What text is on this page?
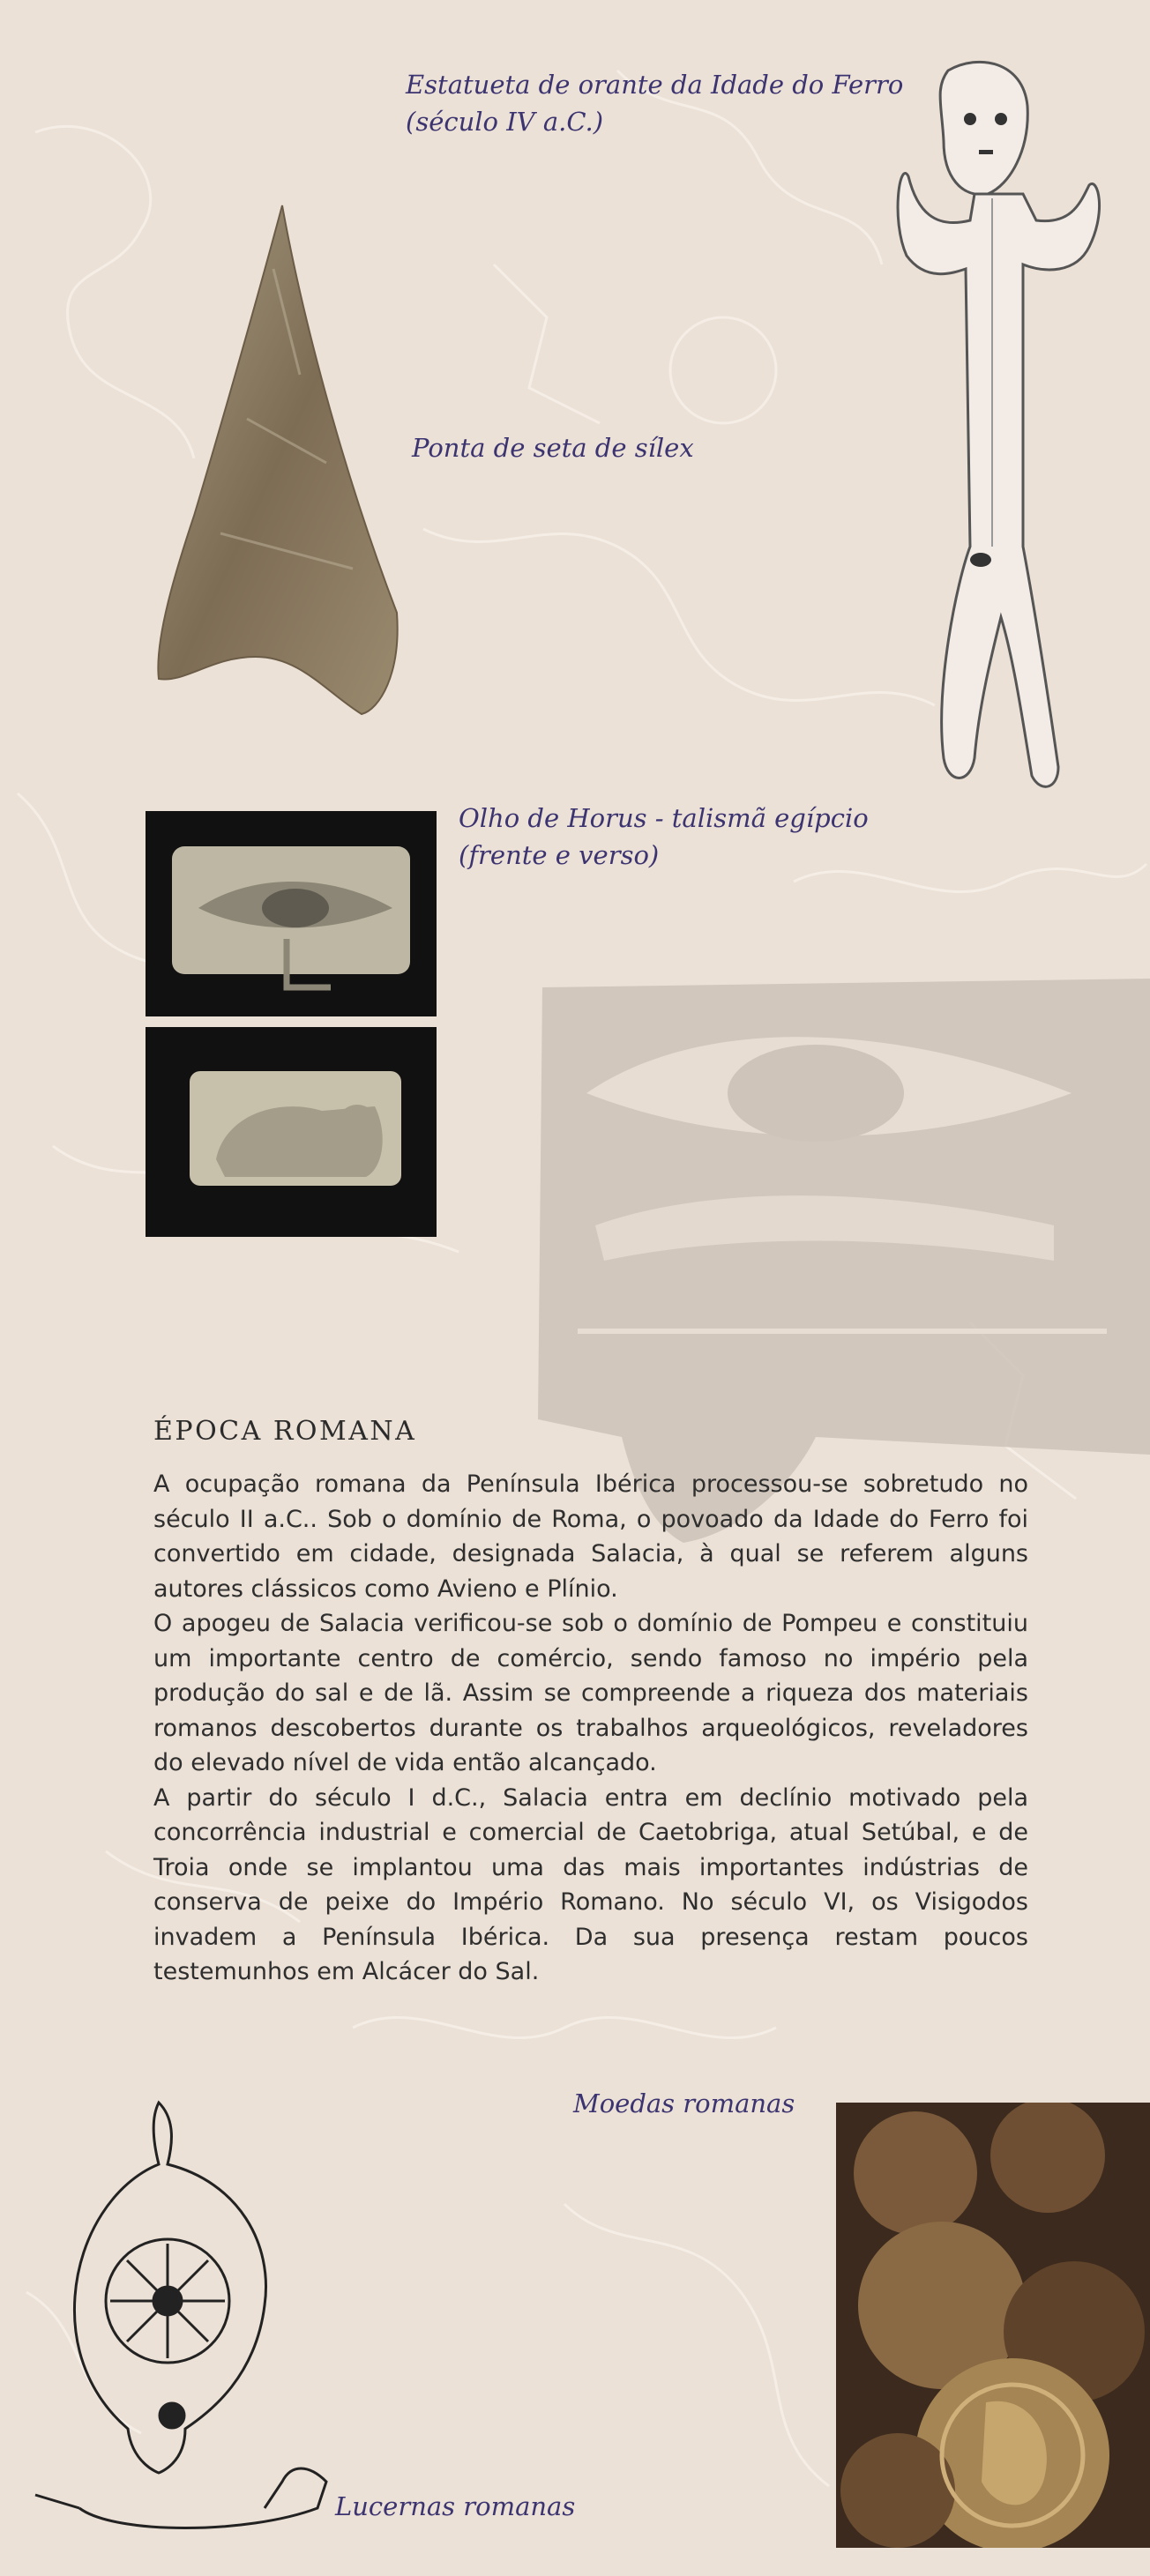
Estatueta de orante da Idade do Ferro
(século IV a.C.)

Ponta de seta de sílex

Olho de Horus - talismã egípcio
(frente e verso)

Moedas romanas

Lucernas romanas

ÉPOCA ROMANA

A ocupação romana da Península Ibérica processou-se sobretudo no século II a.C.. Sob o domínio de Roma, o povoado da Idade do Ferro foi convertido em cidade, designada Salacia, à qual se referem alguns autores clássicos como Avieno e Plínio.

O apogeu de Salacia verificou-se sob o domínio de Pompeu e constituiu um importante centro de comércio, sendo famoso no império pela produção do sal e de lã. Assim se compreende a riqueza dos materiais romanos descobertos durante os trabalhos arqueológicos, reveladores do elevado nível de vida então alcançado.

A partir do século I d.C., Salacia entra em declínio motivado pela concorrência industrial e comercial de Caetobriga, atual Setúbal, e de Troia onde se implantou uma das mais importantes indústrias de conserva de peixe do Império Romano. No século VI, os Visigodos invadem a Península Ibérica. Da sua presença restam poucos testemunhos em Alcácer do Sal.
